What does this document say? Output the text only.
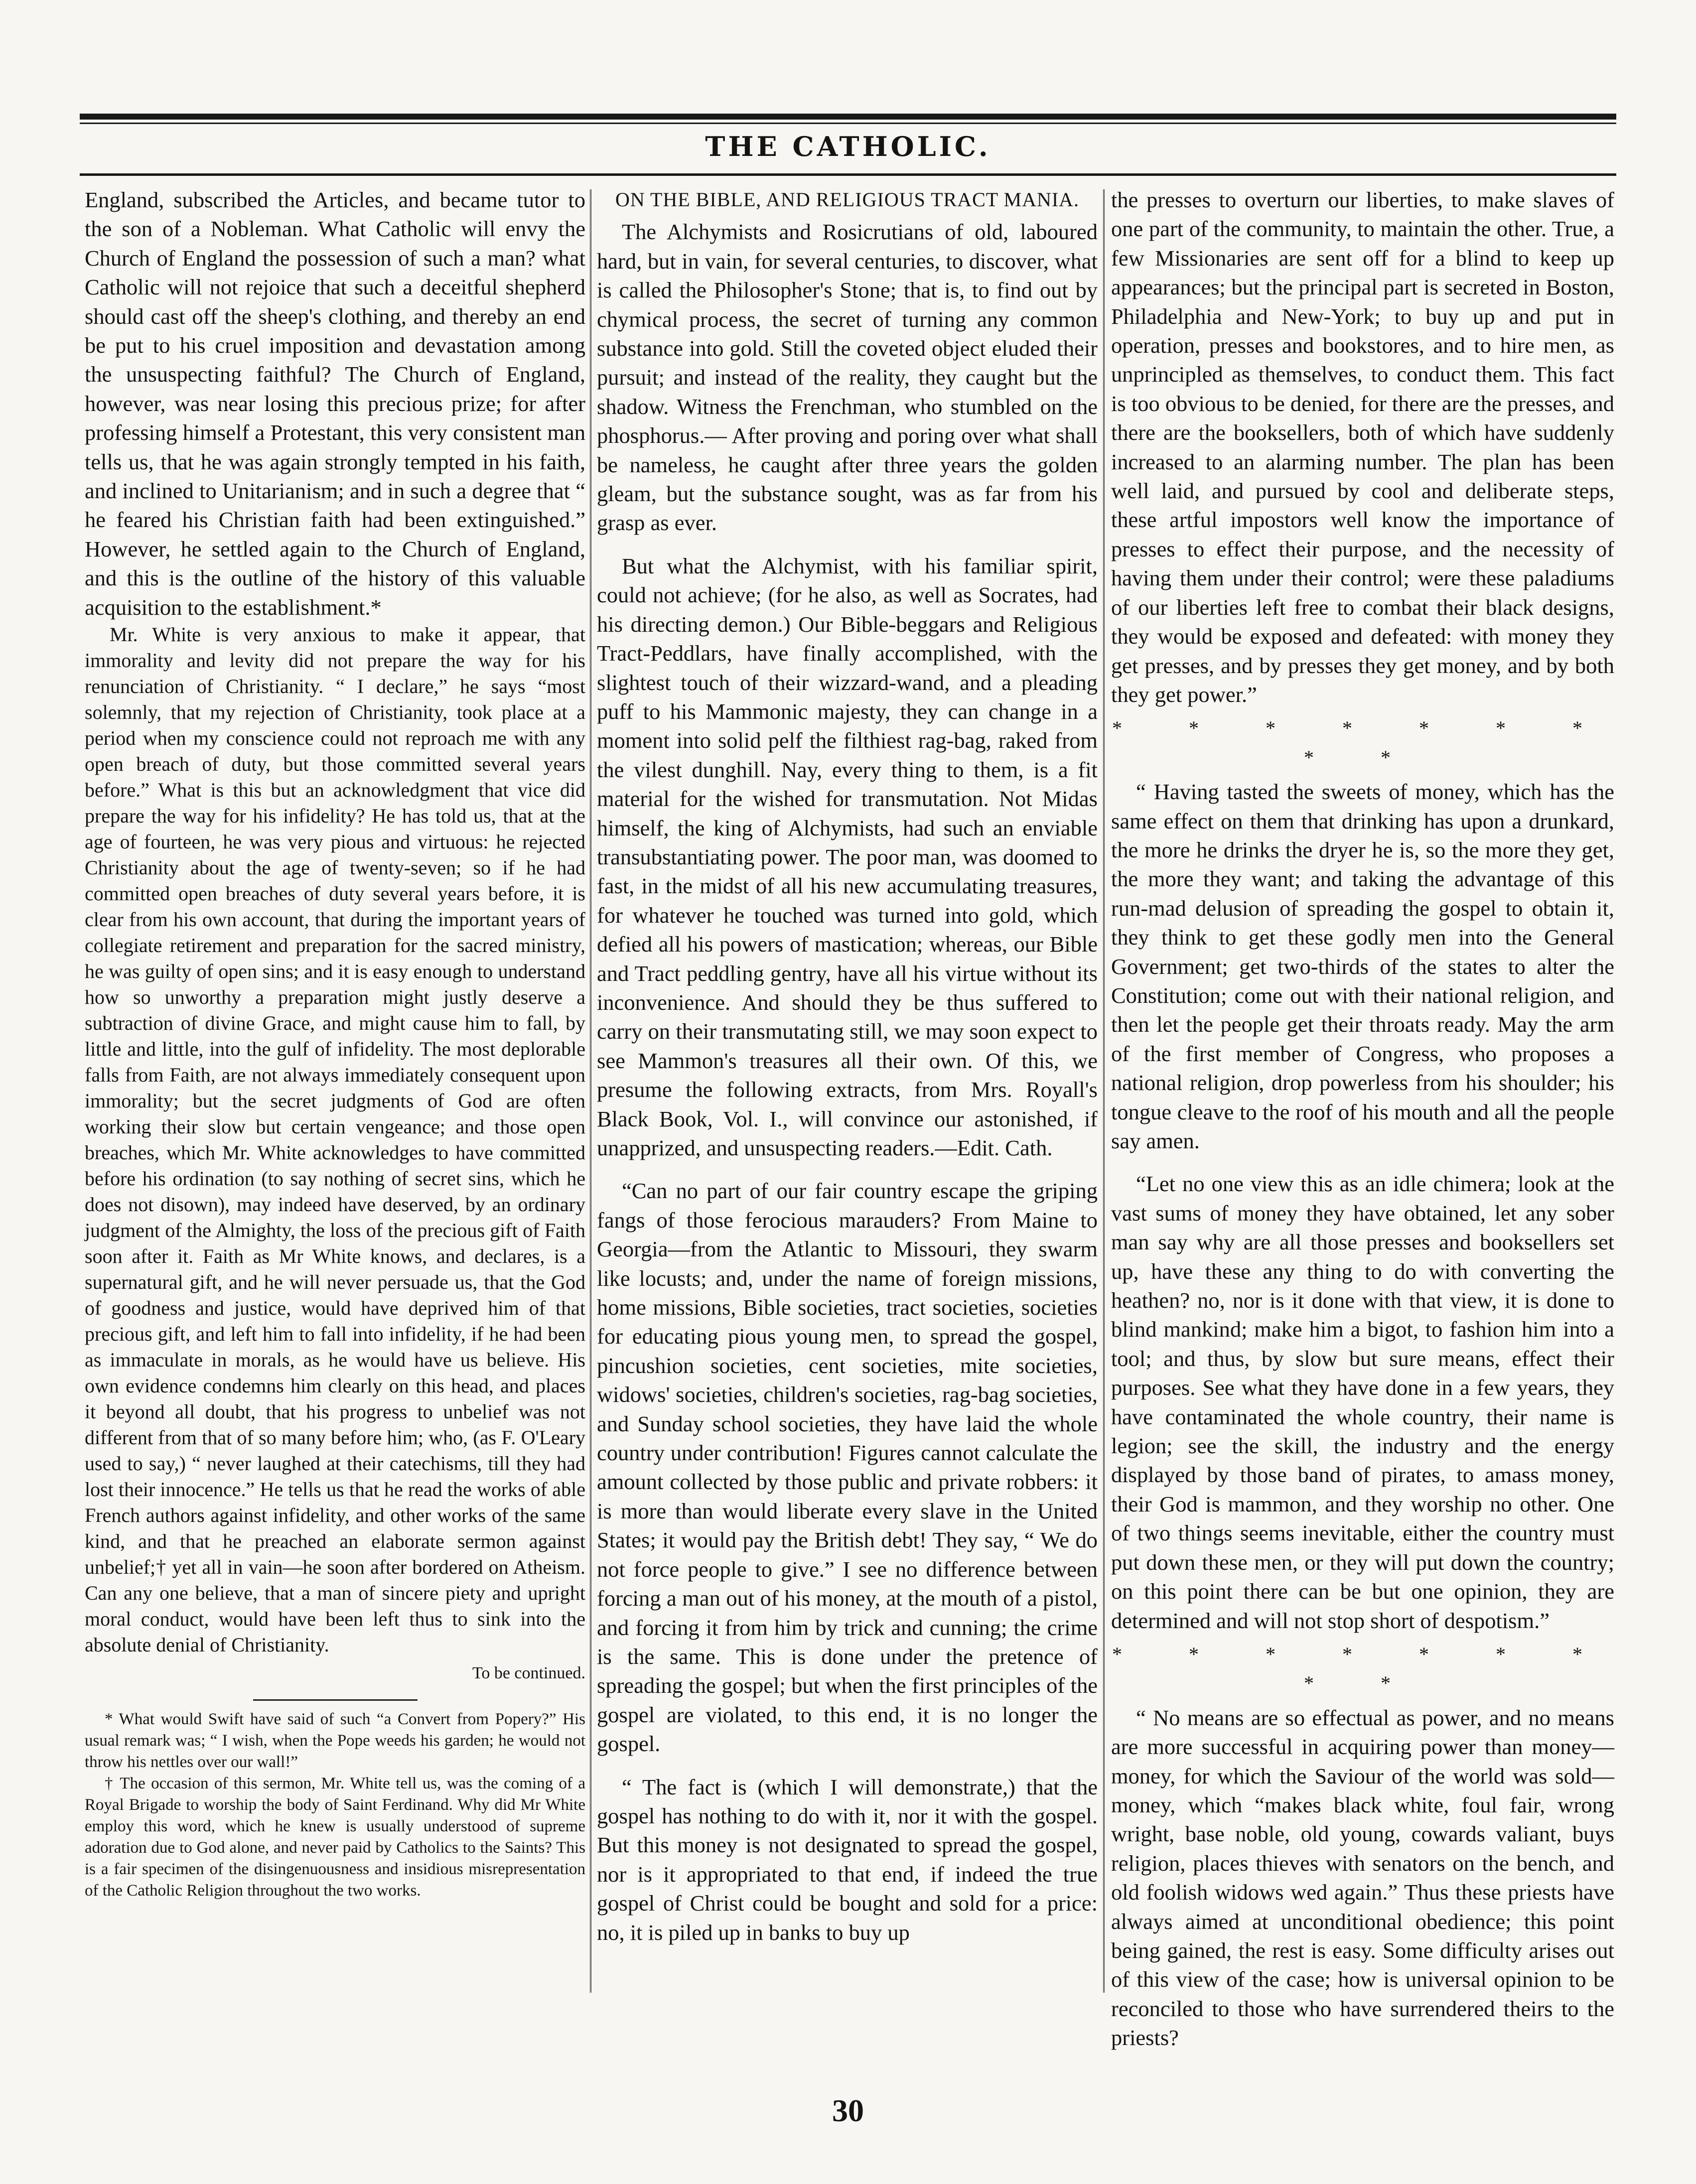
THE CATHOLIC.

England, subscribed the Articles, and became tutor to the son of a Nobleman. What Catholic will envy the Church of England the possession of such a man? what Catholic will not rejoice that such a deceitful shepherd should cast off the sheep's clothing, and thereby an end be put to his cruel imposition and devastation among the unsuspecting faithful? The Church of England, however, was near losing this precious prize; for after professing himself a Protestant, this very consistent man tells us, that he was again strongly tempted in his faith, and inclined to Unitarianism; and in such a degree that “ he feared his Christian faith had been extinguished.” However, he settled again to the Church of England, and this is the outline of the history of this valuable acquisition to the establishment.*

Mr. White is very anxious to make it appear, that immorality and levity did not prepare the way for his renunciation of Christianity. “ I declare,” he says “most solemnly, that my rejection of Christianity, took place at a period when my conscience could not reproach me with any open breach of duty, but those committed several years before.” What is this but an acknowledgment that vice did prepare the way for his infidelity? He has told us, that at the age of fourteen, he was very pious and virtuous: he rejected Christianity about the age of twenty-seven; so if he had committed open breaches of duty several years before, it is clear from his own account, that during the important years of collegiate retirement and preparation for the sacred ministry, he was guilty of open sins; and it is easy enough to understand how so unworthy a preparation might justly deserve a subtraction of divine Grace, and might cause him to fall, by little and little, into the gulf of infidelity. The most deplorable falls from Faith, are not always immediately consequent upon immorality; but the secret judgments of God are often working their slow but certain vengeance; and those open breaches, which Mr. White acknowledges to have committed before his ordination (to say nothing of secret sins, which he does not disown), may indeed have deserved, by an ordinary judgment of the Almighty, the loss of the precious gift of Faith soon after it. Faith as Mr White knows, and declares, is a supernatural gift, and he will never persuade us, that the God of goodness and justice, would have deprived him of that precious gift, and left him to fall into infidelity, if he had been as immaculate in morals, as he would have us believe. His own evidence condemns him clearly on this head, and places it beyond all doubt, that his progress to unbelief was not different from that of so many before him; who, (as F. O'Leary used to say,) “ never laughed at their catechisms, till they had lost their innocence.” He tells us that he read the works of able French authors against infidelity, and other works of the same kind, and that he preached an elaborate sermon against unbelief;† yet all in vain—he soon after bordered on Atheism. Can any one believe, that a man of sincere piety and upright moral conduct, would have been left thus to sink into the absolute denial of Christianity.

To be continued.

* What would Swift have said of such “a Convert from Popery?” His usual remark was; “ I wish, when the Pope weeds his garden; he would not throw his nettles over our wall!”

† The occasion of this sermon, Mr. White tell us, was the coming of a Royal Brigade to worship the body of Saint Ferdinand. Why did Mr White employ this word, which he knew is usually understood of supreme adoration due to God alone, and never paid by Catholics to the Saints? This is a fair specimen of the disingenuousness and insidious misrepresentation of the Catholic Religion throughout the two works.

ON THE BIBLE, AND RELIGIOUS TRACT MANIA.

The Alchymists and Rosicrutians of old, laboured hard, but in vain, for several centuries, to discover, what is called the Philosopher's Stone; that is, to find out by chymical process, the secret of turning any common substance into gold. Still the coveted object eluded their pursuit; and instead of the reality, they caught but the shadow. Witness the Frenchman, who stumbled on the phosphorus.— After proving and poring over what shall be nameless, he caught after three years the golden gleam, but the substance sought, was as far from his grasp as ever.

But what the Alchymist, with his familiar spirit, could not achieve; (for he also, as well as Socrates, had his directing demon.) Our Bible-beggars and Religious Tract-Peddlars, have finally accomplished, with the slightest touch of their wizzard-wand, and a pleading puff to his Mammonic majesty, they can change in a moment into solid pelf the filthiest rag-bag, raked from the vilest dunghill. Nay, every thing to them, is a fit material for the wished for transmutation. Not Midas himself, the king of Alchymists, had such an enviable transubstantiating power. The poor man, was doomed to fast, in the midst of all his new accumulating treasures, for whatever he touched was turned into gold, which defied all his powers of mastication; whereas, our Bible and Tract peddling gentry, have all his virtue without its inconvenience. And should they be thus suffered to carry on their transmutating still, we may soon expect to see Mammon's treasures all their own. Of this, we presume the following extracts, from Mrs. Royall's Black Book, Vol. I., will convince our astonished, if unapprized, and unsuspecting readers.—Edit. Cath.

“Can no part of our fair country escape the griping fangs of those ferocious marauders? From Maine to Georgia—from the Atlantic to Missouri, they swarm like locusts; and, under the name of foreign missions, home missions, Bible societies, tract societies, societies for educating pious young men, to spread the gospel, pincushion societies, cent societies, mite societies, widows' societies, children's societies, rag-bag societies, and Sunday school societies, they have laid the whole country under contribution! Figures cannot calculate the amount collected by those public and private robbers: it is more than would liberate every slave in the United States; it would pay the British debt! They say, “ We do not force people to give.” I see no difference between forcing a man out of his money, at the mouth of a pistol, and forcing it from him by trick and cunning; the crime is the same. This is done under the pretence of spreading the gospel; but when the first principles of the gospel are violated, to this end, it is no longer the gospel.

“ The fact is (which I will demonstrate,) that the gospel has nothing to do with it, nor it with the gospel. But this money is not designated to spread the gospel, nor is it appropriated to that end, if indeed the true gospel of Christ could be bought and sold for a price: no, it is piled up in banks to buy up

the presses to overturn our liberties, to make slaves of one part of the community, to maintain the other. True, a few Missionaries are sent off for a blind to keep up appearances; but the principal part is secreted in Boston, Philadelphia and New-York; to buy up and put in operation, presses and bookstores, and to hire men, as unprincipled as themselves, to conduct them. This fact is too obvious to be denied, for there are the presses, and there are the booksellers, both of which have suddenly increased to an alarming number. The plan has been well laid, and pursued by cool and deliberate steps, these artful impostors well know the importance of presses to effect their purpose, and the necessity of having them under their control; were these paladiums of our liberties left free to combat their black designs, they would be exposed and defeated: with money they get presses, and by presses they get money, and by both they get power.”

* * * * * * * * *

“ Having tasted the sweets of money, which has the same effect on them that drinking has upon a drunkard, the more he drinks the dryer he is, so the more they get, the more they want; and taking the advantage of this run-mad delusion of spreading the gospel to obtain it, they think to get these godly men into the General Government; get two-thirds of the states to alter the Constitution; come out with their national religion, and then let the people get their throats ready. May the arm of the first member of Congress, who proposes a national religion, drop powerless from his shoulder; his tongue cleave to the roof of his mouth and all the people say amen.

“Let no one view this as an idle chimera; look at the vast sums of money they have obtained, let any sober man say why are all those presses and booksellers set up, have these any thing to do with converting the heathen? no, nor is it done with that view, it is done to blind mankind; make him a bigot, to fashion him into a tool; and thus, by slow but sure means, effect their purposes. See what they have done in a few years, they have contaminated the whole country, their name is legion; see the skill, the industry and the energy displayed by those band of pirates, to amass money, their God is mammon, and they worship no other. One of two things seems inevitable, either the country must put down these men, or they will put down the country; on this point there can be but one opinion, they are determined and will not stop short of despotism.”

* * * * * * * * *

“ No means are so effectual as power, and no means are more successful in acquiring power than money—money, for which the Saviour of the world was sold—money, which “makes black white, foul fair, wrong wright, base noble, old young, cowards valiant, buys religion, places thieves with senators on the bench, and old foolish widows wed again.” Thus these priests have always aimed at unconditional obedience; this point being gained, the rest is easy. Some difficulty arises out of this view of the case; how is universal opinion to be reconciled to those who have surrendered theirs to the priests?

30
